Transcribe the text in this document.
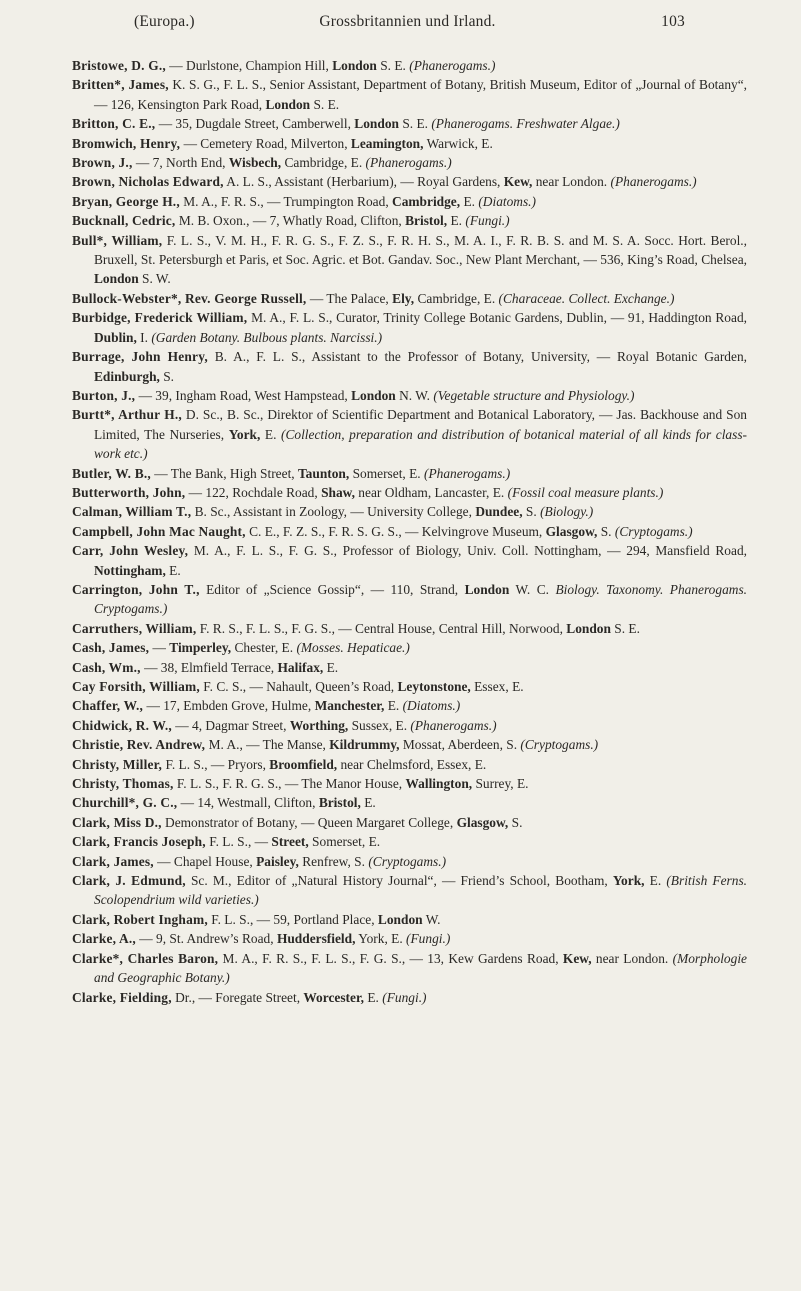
(Europa.)	Grossbritannien und Irland.	103

Bristowe, D. G., — Durlstone, Champion Hill, London S. E. (Phanerogams.)

Britten*, James, K. S. G., F. L. S., Senior Assistant, Department of Botany, British Museum, Editor of „Journal of Botany“, — 126, Kensington Park Road, London S. E.

Britton, C. E., — 35, Dugdale Street, Camberwell, London S. E. (Phanerogams. Freshwater Algae.)

Bromwich, Henry, — Cemetery Road, Milverton, Leamington, Warwick, E.

Brown, J., — 7, North End, Wisbech, Cambridge, E. (Phanerogams.)

Brown, Nicholas Edward, A. L. S., Assistant (Herbarium), — Royal Gardens, Kew, near London. (Phanerogams.)

Bryan, George H., M. A., F. R. S., — Trumpington Road, Cambridge, E. (Diatoms.)

Bucknall, Cedric, M. B. Oxon., — 7, Whatly Road, Clifton, Bristol, E. (Fungi.)

Bull*, William, F. L. S., V. M. H., F. R. G. S., F. Z. S., F. R. H. S., M. A. I., F. R. B. S. and M. S. A. Socc. Hort. Berol., Bruxell, St. Petersburgh et Paris, et Soc. Agric. et Bot. Gandav. Soc., New Plant Merchant, — 536, King’s Road, Chelsea, London S. W.

Bullock-Webster*, Rev. George Russell, — The Palace, Ely, Cambridge, E. (Characeae. Collect. Exchange.)

Burbidge, Frederick William, M. A., F. L. S., Curator, Trinity College Botanic Gardens, Dublin, — 91, Haddington Road, Dublin, I. (Garden Botany. Bulbous plants. Narcissi.)

Burrage, John Henry, B. A., F. L. S., Assistant to the Professor of Botany, University, — Royal Botanic Garden, Edinburgh, S.

Burton, J., — 39, Ingham Road, West Hampstead, London N. W. (Vegetable structure and Physiology.)

Burtt*, Arthur H., D. Sc., B. Sc., Direktor of Scientific Department and Botanical Laboratory, — Jas. Backhouse and Son Limited, The Nurseries, York, E. (Collection, preparation and distribution of botanical material of all kinds for class-work etc.)

Butler, W. B., — The Bank, High Street, Taunton, Somerset, E. (Phanerogams.)

Butterworth, John, — 122, Rochdale Road, Shaw, near Oldham, Lancaster, E. (Fossil coal measure plants.)

Calman, William T., B. Sc., Assistant in Zoology, — University College, Dundee, S. (Biology.)

Campbell, John Mac Naught, C. E., F. Z. S., F. R. S. G. S., — Kelvingrove Museum, Glasgow, S. (Cryptogams.)

Carr, John Wesley, M. A., F. L. S., F. G. S., Professor of Biology, Univ. Coll. Nottingham, — 294, Mansfield Road, Nottingham, E.

Carrington, John T., Editor of „Science Gossip“, — 110, Strand, London W. C. Biology. Taxonomy. Phanerogams. Cryptogams.)

Carruthers, William, F. R. S., F. L. S., F. G. S., — Central House, Central Hill, Norwood, London S. E.

Cash, James, — Timperley, Chester, E. (Mosses. Hepaticae.)

Cash, Wm., — 38, Elmfield Terrace, Halifax, E.

Cay Forsith, William, F. C. S., — Nahault, Queen’s Road, Leytonstone, Essex, E.

Chaffer, W., — 17, Embden Grove, Hulme, Manchester, E. (Diatoms.)

Chidwick, R. W., — 4, Dagmar Street, Worthing, Sussex, E. (Phanerogams.)

Christie, Rev. Andrew, M. A., — The Manse, Kildrummy, Mossat, Aberdeen, S. (Cryptogams.)

Christy, Miller, F. L. S., — Pryors, Broomfield, near Chelmsford, Essex, E.

Christy, Thomas, F. L. S., F. R. G. S., — The Manor House, Wallington, Surrey, E.

Churchill*, G. C., — 14, Westmall, Clifton, Bristol, E.

Clark, Miss D., Demonstrator of Botany, — Queen Margaret College, Glasgow, S.

Clark, Francis Joseph, F. L. S., — Street, Somerset, E.

Clark, James, — Chapel House, Paisley, Renfrew, S. (Cryptogams.)

Clark, J. Edmund, Sc. M., Editor of „Natural History Journal“, — Friend’s School, Bootham, York, E. (British Ferns. Scolopendrium wild varieties.)

Clark, Robert Ingham, F. L. S., — 59, Portland Place, London W.

Clarke, A., — 9, St. Andrew’s Road, Huddersfield, York, E. (Fungi.)

Clarke*, Charles Baron, M. A., F. R. S., F. L. S., F. G. S., — 13, Kew Gardens Road, Kew, near London. (Morphologie and Geographic Botany.)

Clarke, Fielding, Dr., — Foregate Street, Worcester, E. (Fungi.)
